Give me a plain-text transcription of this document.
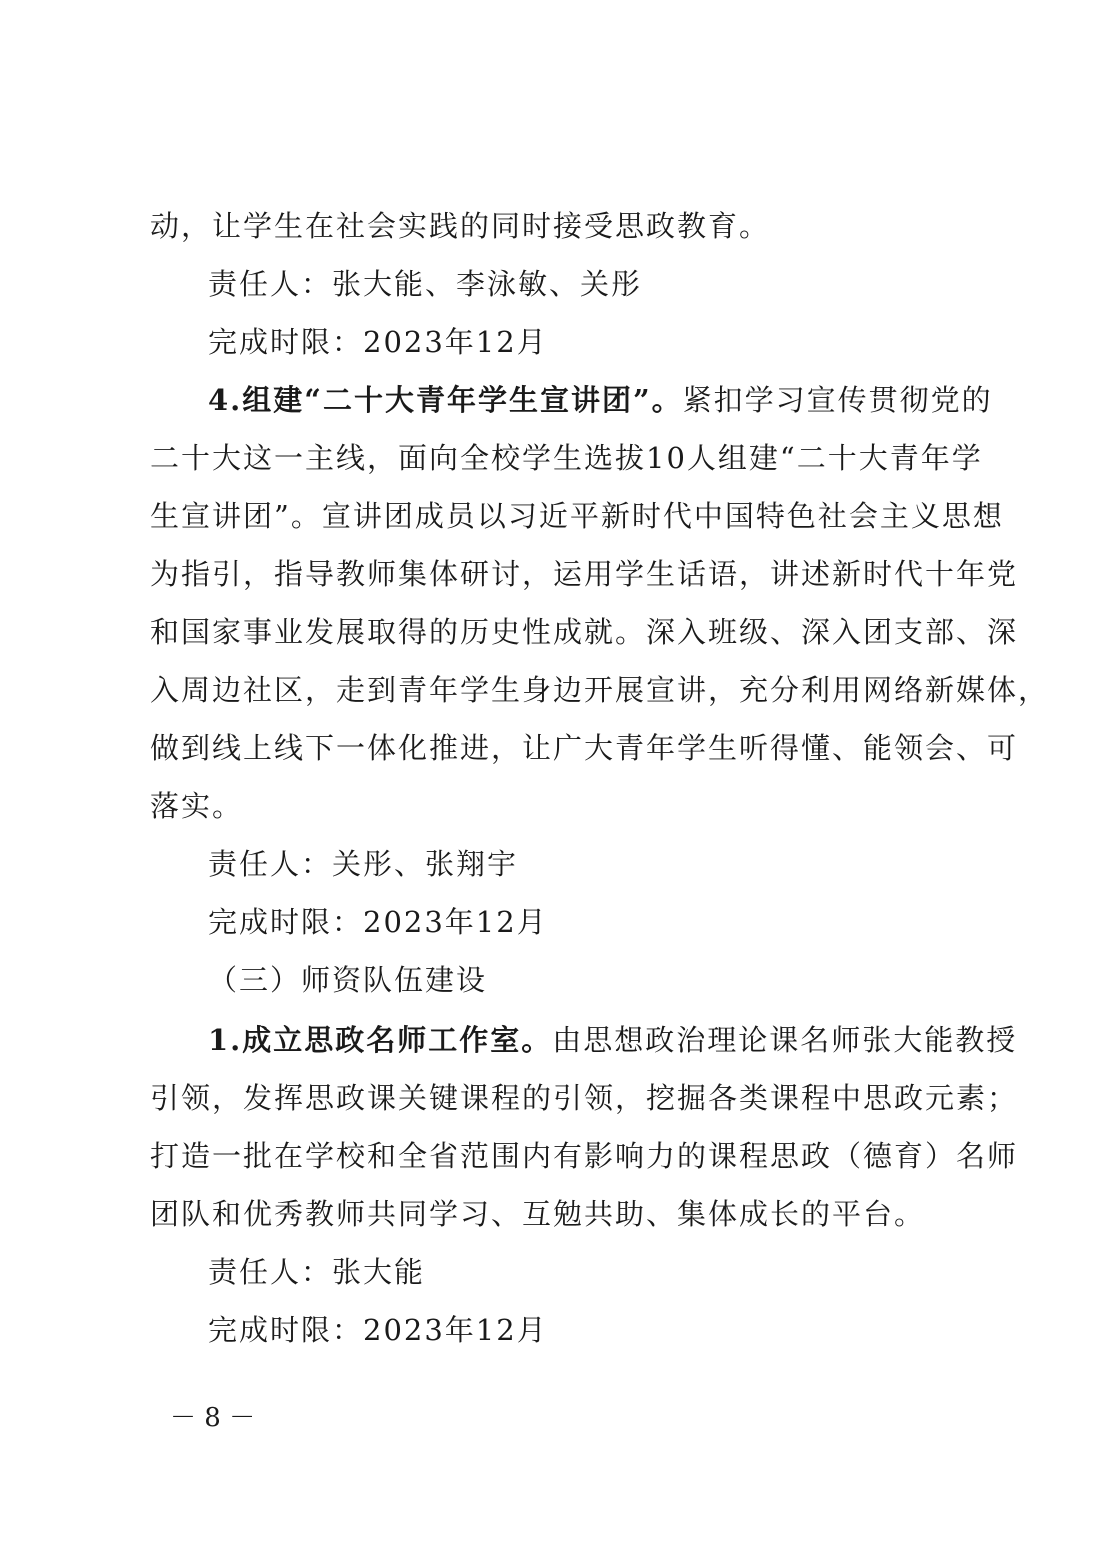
动，让学生在社会实践的同时接受思政教育。
责任人：张大能、李泳敏、关彤
完成时限：2023年12月
4.组建“二十大青年学生宣讲团”。紧扣学习宣传贯彻党的
二十大这一主线，面向全校学生选拔10人组建“二十大青年学
生宣讲团”。宣讲团成员以习近平新时代中国特色社会主义思想
为指引，指导教师集体研讨，运用学生话语，讲述新时代十年党
和国家事业发展取得的历史性成就。深入班级、深入团支部、深
入周边社区，走到青年学生身边开展宣讲，充分利用网络新媒体，
做到线上线下一体化推进，让广大青年学生听得懂、能领会、可
落实。
责任人：关彤、张翔宇
完成时限：2023年12月
（三）师资队伍建设
1.成立思政名师工作室。由思想政治理论课名师张大能教授
引领，发挥思政课关键课程的引领，挖掘各类课程中思政元素；
打造一批在学校和全省范围内有影响力的课程思政（德育）名师
团队和优秀教师共同学习、互勉共助、集体成长的平台。
责任人：张大能
完成时限：2023年12月
－ 8 －
